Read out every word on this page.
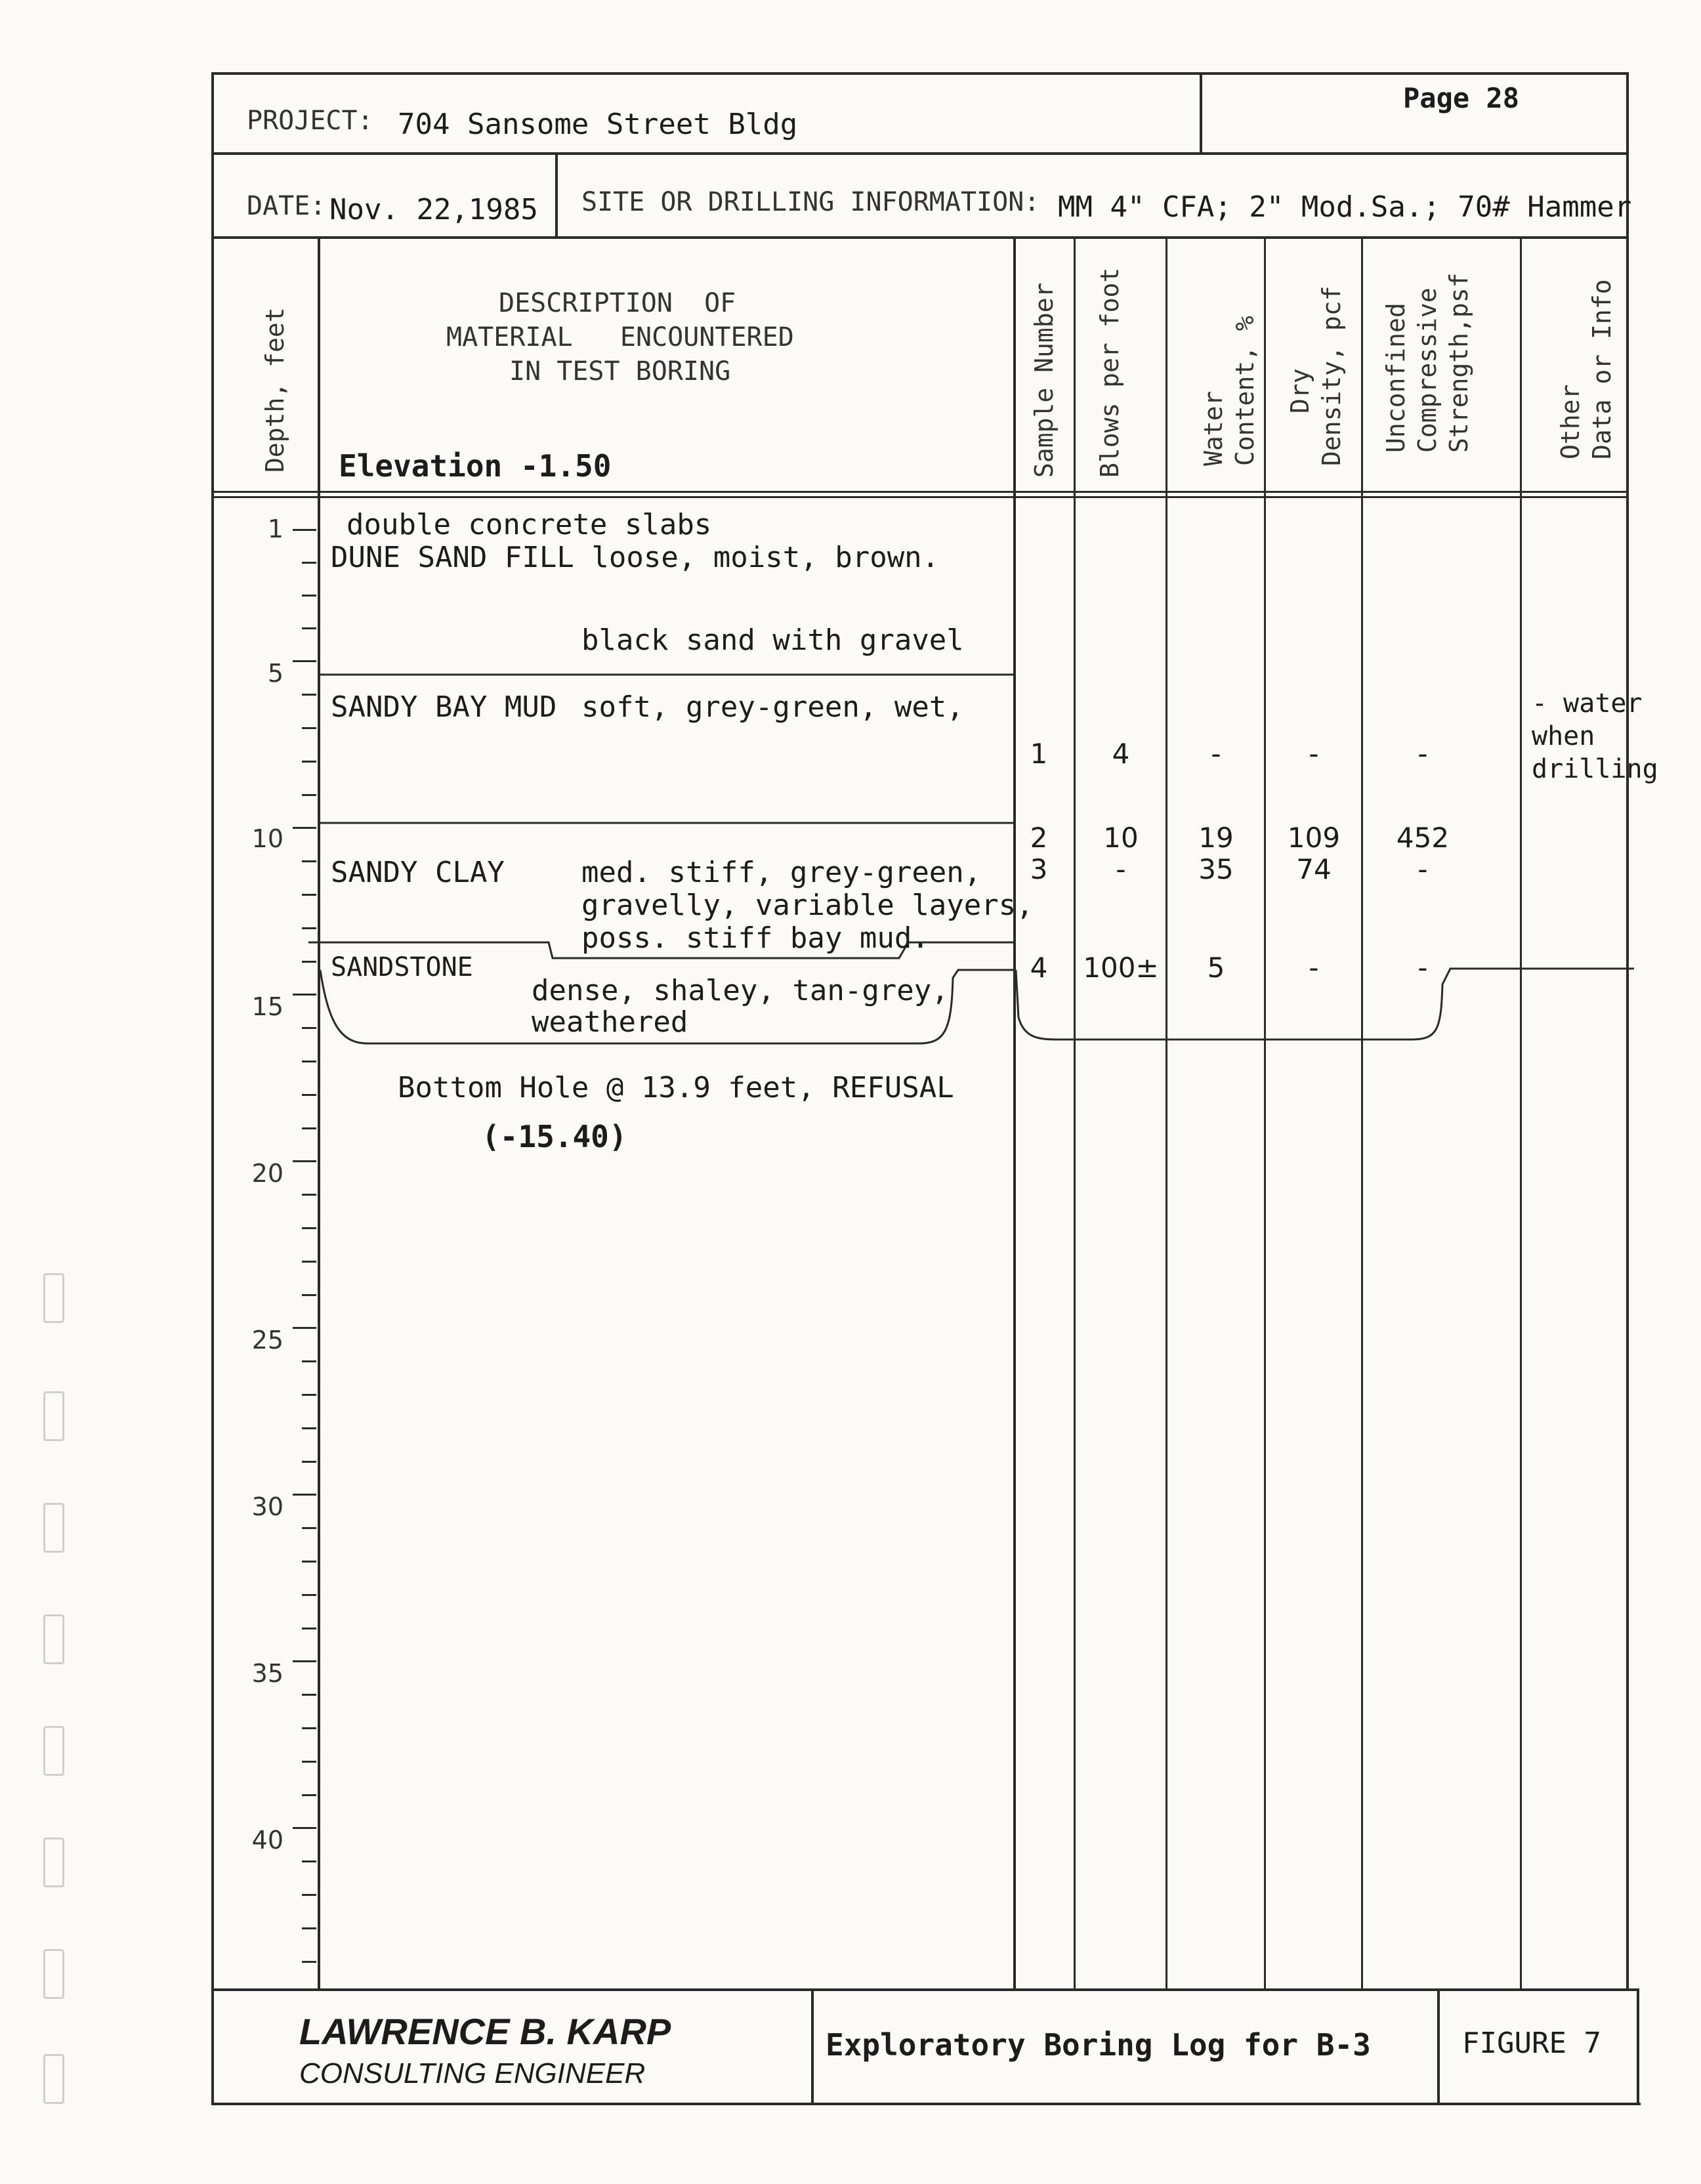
PROJECT: 704 Sansome Street Bldg
Page 28
DATE: Nov. 22,1985 SITE OR DRILLING INFORMATION: MM 4" CFA; 2" Mod.Sa.; 70# Hammer
Depth, feet	Sample Number Blows per foot	Water Content, % Dry Density, pcf Unconfined Compressive Strength,psf	Other Data or Info
DESCRIPTION  OF
MATERIAL   ENCOUNTERED
IN TEST BORING
Elevation -1.50
1
5
10
15
20
25
30
35
40
double concrete slabs
DUNE SAND FILL loose, moist, brown.
black sand with gravel
SANDY BAY MUD soft, grey-green, wet,
SANDY CLAY	med. stiff, grey-green,
gravelly, variable layers,
poss. stiff bay mud.
SANDSTONE
dense, shaley, tan-grey,
weathered
Bottom Hole @ 13.9 feet, REFUSAL
(-15.40)
1	4	-	-	-
2	10	19	109	452
3	-	35	74	-
4 100±	5	-	-
- water
when
drilling
LAWRENCE B. KARP
CONSULTING ENGINEER
Exploratory Boring Log for B-3	FIGURE 7
